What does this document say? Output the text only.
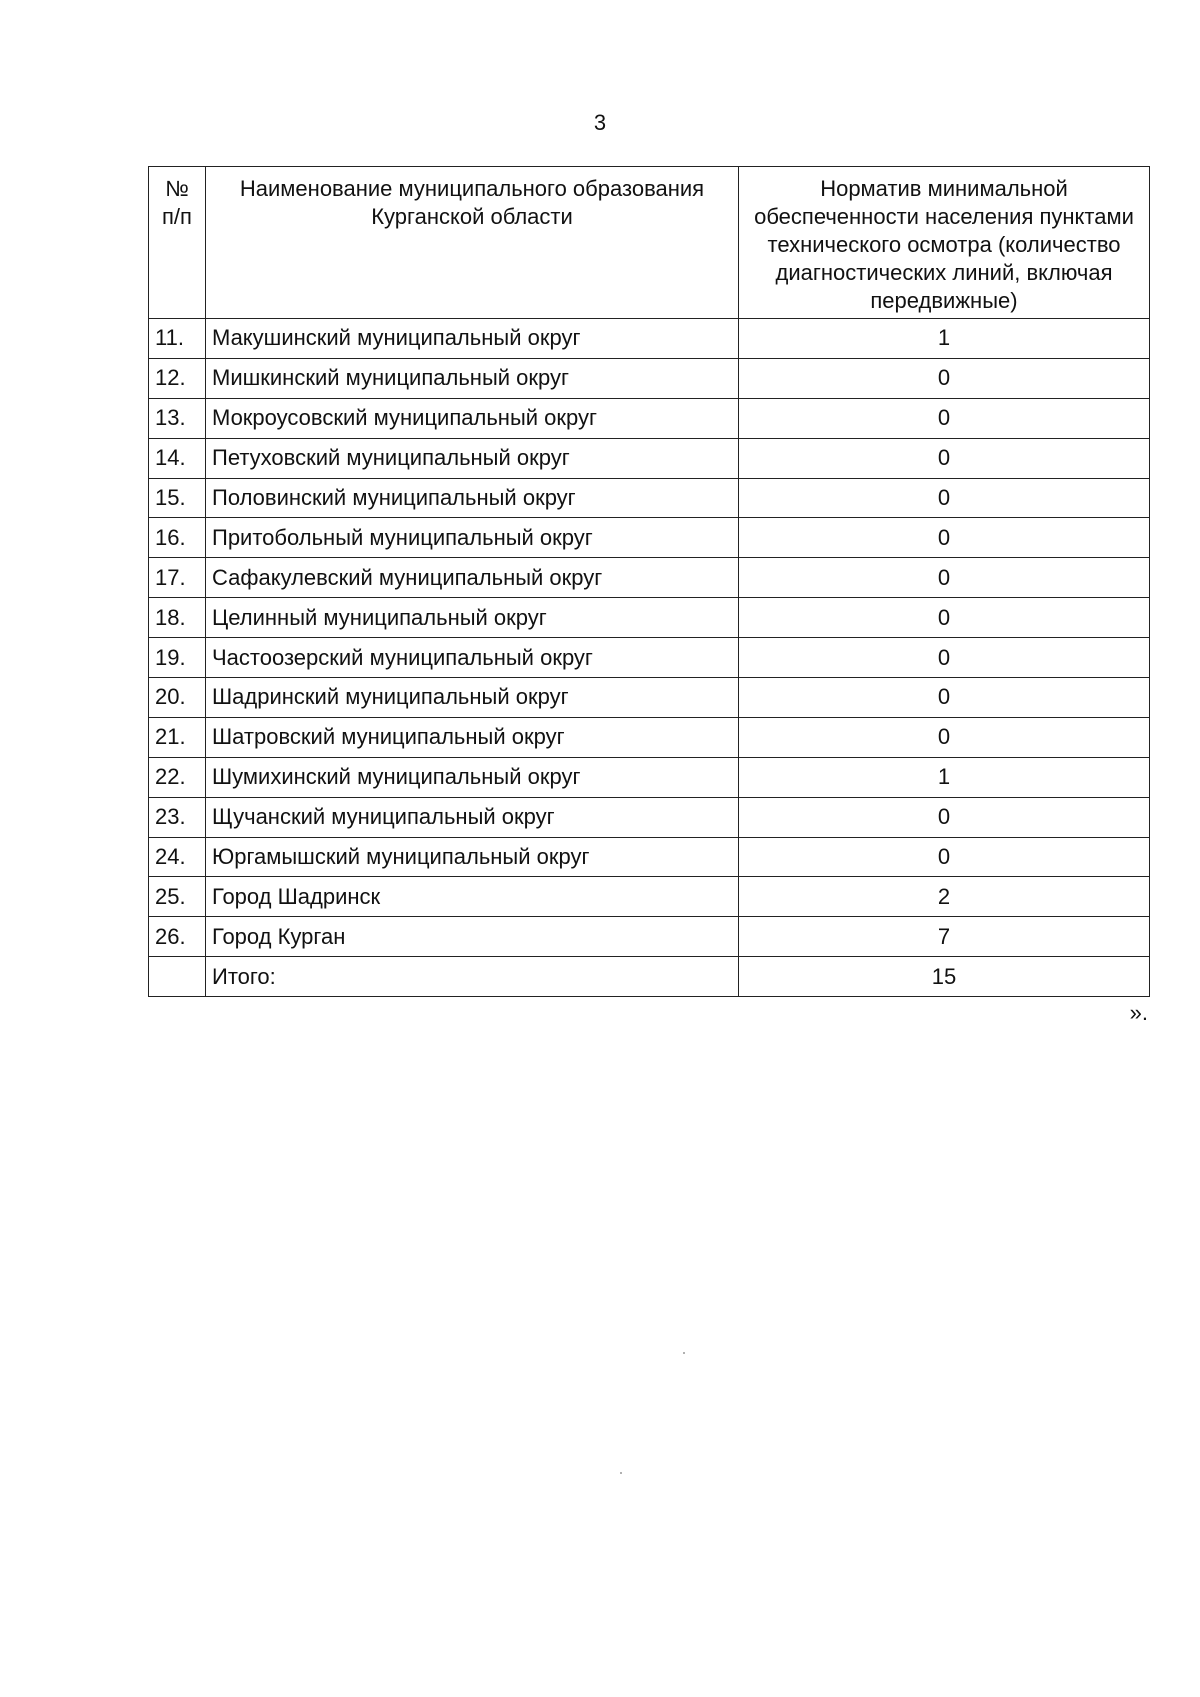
3
№ п/п	Наименование муниципального образования Курганской области	Норматив минимальной обеспеченности населения пунктами технического осмотра (количество диагностических линий, включая передвижные)
11.	Макушинский муниципальный округ	1
12.	Мишкинский муниципальный округ	0
13.	Мокроусовский муниципальный округ	0
14.	Петуховский муниципальный округ	0
15.	Половинский муниципальный округ	0
16.	Притобольный муниципальный округ	0
17.	Сафакулевский муниципальный округ	0
18.	Целинный муниципальный округ	0
19.	Частоозерский муниципальный округ	0
20.	Шадринский муниципальный округ	0
21.	Шатровский муниципальный округ	0
22.	Шумихинский муниципальный округ	1
23.	Щучанский муниципальный округ	0
24.	Юргамышский муниципальный округ	0
25.	Город Шадринск	2
26.	Город Курган	7
	Итого:	15
».
